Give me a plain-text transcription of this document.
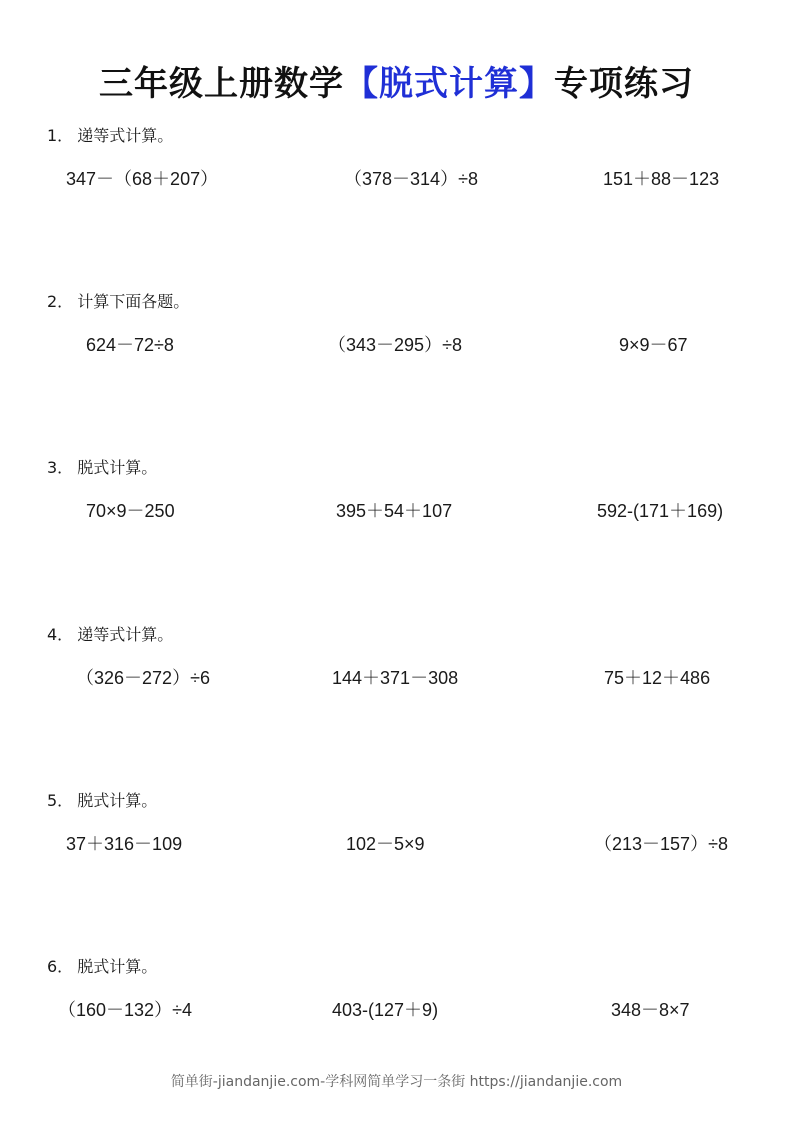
三年级上册数学【脱式计算】专项练习
1． 递等式计算。
347－（68＋207）	（378－314）÷8	151＋88－123
2． 计算下面各题。
624－72÷8	（343－295）÷8	9×9－67
3． 脱式计算。
70×9－250	395＋54＋107	592-(171＋169)
4． 递等式计算。
（326－272）÷6	144＋371－308	75＋12＋486
5． 脱式计算。
37＋316－109	102－5×9	（213－157）÷8
6． 脱式计算。
（160－132）÷4	403-(127＋9)	348－8×7
简单街-jiandanjie.com-学科网简单学习一条街 https://jiandanjie.com
